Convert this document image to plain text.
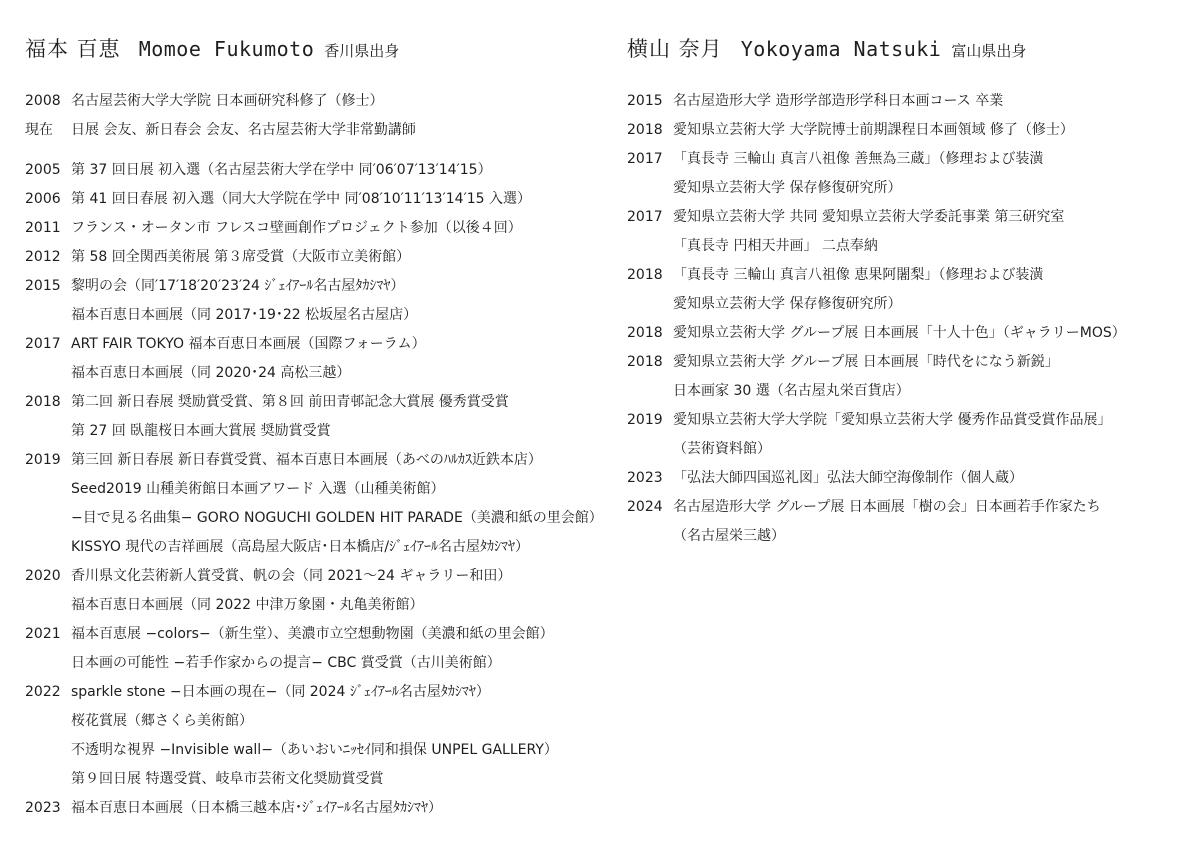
福本 百恵 Momoe Fukumoto 香川県出身
2008 名古屋芸術大学大学院 日本画研究科修了（修士）
現在	日展 会友、新日春会 会友、名古屋芸術大学非常勤講師
2005 第 37 回日展 初入選（名古屋芸術大学在学中 同′06′07′13′14′15）
2006 第 41 回日春展 初入選（同大大学院在学中 同′08′10′11′13′14′15 入選）
2011 フランス・オータン市 フレスコ壁画創作プロジェクト参加（以後４回）
2012 第 58 回全関西美術展 第３席受賞（大阪市立美術館）
2015 黎明の会（同′17′18′20′23′24 ｼﾞｪｲｱｰﾙ名古屋ﾀｶｼﾏﾔ）
福本百恵日本画展（同 2017･19･22 松坂屋名古屋店）
2017 ART FAIR TOKYO 福本百恵日本画展（国際フォーラム）
福本百恵日本画展（同 2020･24 高松三越）
2018 第二回 新日春展 奨励賞受賞、第８回 前田青邨記念大賞展 優秀賞受賞
第 27 回 臥龍桜日本画大賞展 奨励賞受賞
2019 第三回 新日春展 新日春賞受賞、福本百恵日本画展（あべのﾊﾙｶｽ近鉄本店）
Seed2019 山種美術館日本画アワード 入選（山種美術館）
−目で見る名曲集− GORO NOGUCHI GOLDEN HIT PARADE（美濃和紙の里会館）
KISSYO 現代の吉祥画展（高島屋大阪店･日本橋店/ｼﾞｪｲｱｰﾙ名古屋ﾀｶｼﾏﾔ）
2020 香川県文化芸術新人賞受賞、帆の会（同 2021～24 ギャラリー和田）
福本百恵日本画展（同 2022 中津万象園・丸亀美術館）
2021 福本百恵展 −colors−（新生堂）、美濃市立空想動物園（美濃和紙の里会館）
日本画の可能性 −若手作家からの提言− CBC 賞受賞（古川美術館）
2022 sparkle stone −日本画の現在−（同 2024 ｼﾞｪｲｱｰﾙ名古屋ﾀｶｼﾏﾔ）
桜花賞展（郷さくら美術館）
不透明な視界 −Invisible wall−（あいおいﾆｯｾｲ同和損保 UNPEL GALLERY）
第９回日展 特選受賞、岐阜市芸術文化奨励賞受賞
2023 福本百恵日本画展（日本橋三越本店･ｼﾞｪｲｱｰﾙ名古屋ﾀｶｼﾏﾔ）
横山 奈月 Yokoyama Natsuki 富山県出身
2015 名古屋造形大学 造形学部造形学科日本画コース 卒業
2018 愛知県立芸術大学 大学院博士前期課程日本画領域 修了（修士）
2017 「真長寺 三輪山 真言八祖像 善無為三蔵」（修理および装潢
愛知県立芸術大学 保存修復研究所）
2017 愛知県立芸術大学 共同 愛知県立芸術大学委託事業 第三研究室
「真長寺 円相天井画」 二点奉納
2018 「真長寺 三輪山 真言八祖像 恵果阿闍梨」（修理および装潢
愛知県立芸術大学 保存修復研究所）
2018 愛知県立芸術大学 グループ展 日本画展「十人十色」（ギャラリーMOS）
2018 愛知県立芸術大学 グループ展 日本画展「時代をになう新鋭」
日本画家 30 選（名古屋丸栄百貨店）
2019 愛知県立芸術大学大学院「愛知県立芸術大学 優秀作品賞受賞作品展」
（芸術資料館）
2023 「弘法大師四国巡礼図」弘法大師空海像制作（個人蔵）
2024 名古屋造形大学 グループ展 日本画展「樹の会」日本画若手作家たち
（名古屋栄三越）
